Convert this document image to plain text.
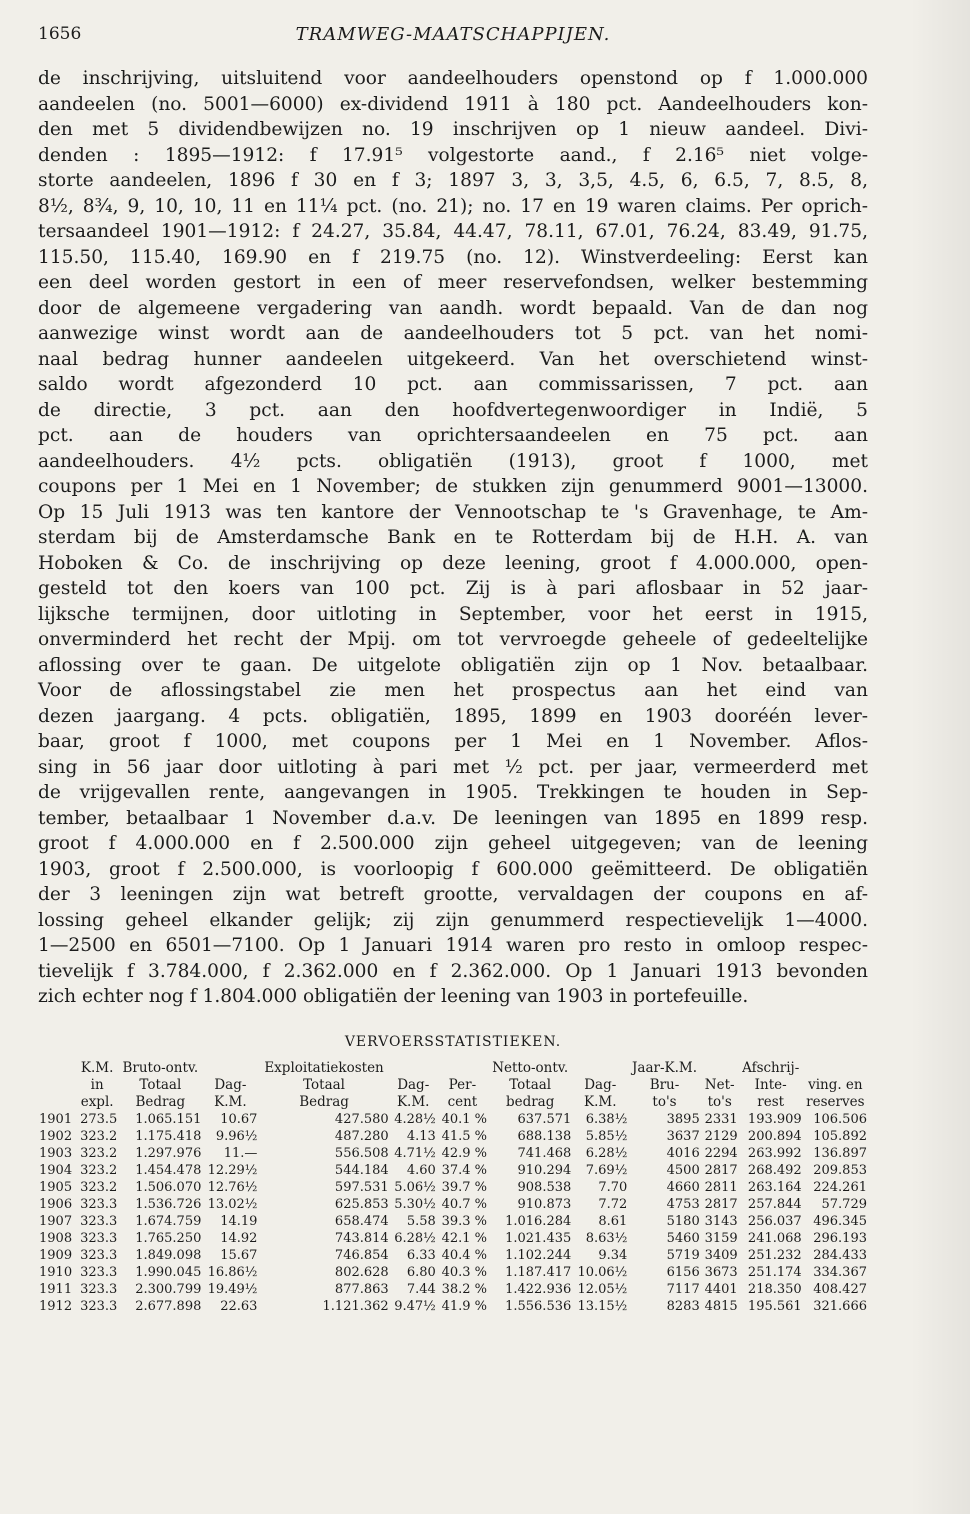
1656	TRAMWEG-MAATSCHAPPIJEN.
de inschrijving, uitsluitend voor aandeelhouders openstond op f 1.000.000
aandeelen (no. 5001—6000) ex-dividend 1911 à 180 pct. Aandeelhouders kon-
den met 5 dividendbewijzen no. 19 inschrijven op 1 nieuw aandeel. Divi-
denden : 1895—1912: f 17.91⁵ volgestorte aand., f 2.16⁵ niet volge-
storte aandeelen, 1896 f 30 en f 3; 1897 3, 3, 3,5, 4.5, 6, 6.5, 7, 8.5, 8,
8½, 8¾, 9, 10, 10, 11 en 11¼ pct. (no. 21); no. 17 en 19 waren claims. Per oprich-
tersaandeel 1901—1912: f 24.27, 35.84, 44.47, 78.11, 67.01, 76.24, 83.49, 91.75,
115.50, 115.40, 169.90 en f 219.75 (no. 12). Winstverdeeling: Eerst kan
een deel worden gestort in een of meer reservefondsen, welker bestemming
door de algemeene vergadering van aandh. wordt bepaald. Van de dan nog
aanwezige winst wordt aan de aandeelhouders tot 5 pct. van het nomi-
naal bedrag hunner aandeelen uitgekeerd. Van het overschietend winst-
saldo wordt afgezonderd 10 pct. aan commissarissen, 7 pct. aan
de directie, 3 pct. aan den hoofdvertegenwoordiger in Indië, 5
pct. aan de houders van oprichtersaandeelen en 75 pct. aan
aandeelhouders. 4½ pcts. obligatiën (1913), groot f 1000, met
coupons per 1 Mei en 1 November; de stukken zijn genummerd 9001—13000.
Op 15 Juli 1913 was ten kantore der Vennootschap te 's Gravenhage, te Am-
sterdam bij de Amsterdamsche Bank en te Rotterdam bij de H.H. A. van
Hoboken & Co. de inschrijving op deze leening, groot f 4.000.000, open-
gesteld tot den koers van 100 pct. Zij is à pari aflosbaar in 52 jaar-
lijksche termijnen, door uitloting in September, voor het eerst in 1915,
onverminderd het recht der Mpij. om tot vervroegde geheele of gedeeltelijke
aflossing over te gaan. De uitgelote obligatiën zijn op 1 Nov. betaalbaar.
Voor de aflossingstabel zie men het prospectus aan het eind van
dezen jaargang. 4 pcts. obligatiën, 1895, 1899 en 1903 dooréén lever-
baar, groot f 1000, met coupons per 1 Mei en 1 November. Aflos-
sing in 56 jaar door uitloting à pari met ½ pct. per jaar, vermeerderd met
de vrijgevallen rente, aangevangen in 1905. Trekkingen te houden in Sep-
tember, betaalbaar 1 November d.a.v. De leeningen van 1895 en 1899 resp.
groot f 4.000.000 en f 2.500.000 zijn geheel uitgegeven; van de leening
1903, groot f 2.500.000, is voorloopig f 600.000 geëmitteerd. De obligatiën
der 3 leeningen zijn wat betreft grootte, vervaldagen der coupons en af-
lossing geheel elkander gelijk; zij zijn genummerd respectievelijk 1—4000.
1—2500 en 6501—7100. Op 1 Januari 1914 waren pro resto in omloop respec-
tievelijk f 3.784.000, f 2.362.000 en f 2.362.000. Op 1 Januari 1913 bevonden
zich echter nog f 1.804.000 obligatiën der leening van 1903 in portefeuille.
VERVOERSSTATISTIEKEN.
	K.M.	Bruto-ontv.		Exploitatiekosten			Netto-ontv.		Jaar-K.M.		Afschrij-	
	in	Totaal	Dag-	Totaal	Dag-	Per-	Totaal	Dag-	Bru-	Net-	Inte-	ving. en
	expl.	Bedrag	K.M.	Bedrag	K.M.	cent	bedrag	K.M.	to's	to's	rest	reserves
1901	273.5	1.065.151	10.67	427.580	4.28½	40.1 %	637.571	6.38½	3895	2331	193.909	106.506
1902	323.2	1.175.418	9.96½	487.280	4.13	41.5 %	688.138	5.85½	3637	2129	200.894	105.892
1903	323.2	1.297.976	11.—	556.508	4.71½	42.9 %	741.468	6.28½	4016	2294	263.992	136.897
1904	323.2	1.454.478	12.29½	544.184	4.60	37.4 %	910.294	7.69½	4500	2817	268.492	209.853
1905	323.2	1.506.070	12.76½	597.531	5.06½	39.7 %	908.538	7.70	4660	2811	263.164	224.261
1906	323.3	1.536.726	13.02½	625.853	5.30½	40.7 %	910.873	7.72	4753	2817	257.844	57.729
1907	323.3	1.674.759	14.19	658.474	5.58	39.3 %	1.016.284	8.61	5180	3143	256.037	496.345
1908	323.3	1.765.250	14.92	743.814	6.28½	42.1 %	1.021.435	8.63½	5460	3159	241.068	296.193
1909	323.3	1.849.098	15.67	746.854	6.33	40.4 %	1.102.244	9.34	5719	3409	251.232	284.433
1910	323.3	1.990.045	16.86½	802.628	6.80	40.3 %	1.187.417	10.06½	6156	3673	251.174	334.367
1911	323.3	2.300.799	19.49½	877.863	7.44	38.2 %	1.422.936	12.05½	7117	4401	218.350	408.427
1912	323.3	2.677.898	22.63	1.121.362	9.47½	41.9 %	1.556.536	13.15½	8283	4815	195.561	321.666
